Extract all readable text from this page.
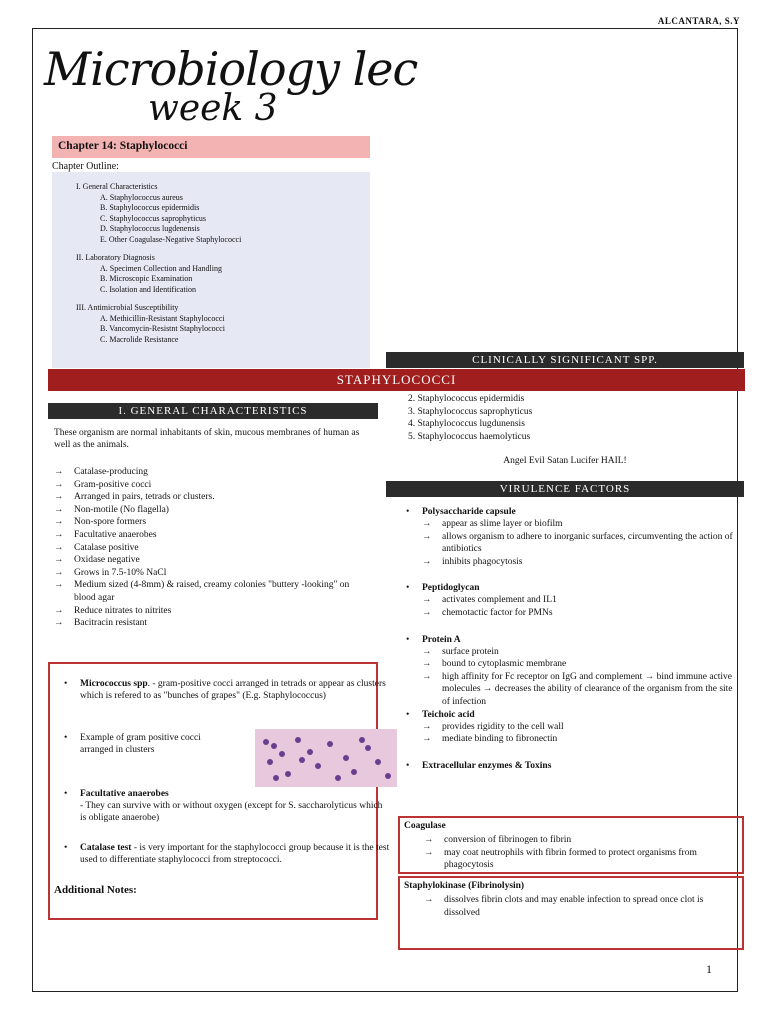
ALCANTARA, S.Y
Microbiology lec
week 3
Chapter 14: Staphylococci
Chapter Outline:
I. General Characteristics
A. Staphylococcus aureus
B. Staphylococcus epidermidis
C. Staphylococcus saprophyticus
D. Staphylococcus lugdenensis
E. Other Coagulase-Negative Staphylococci
II. Laboratory Diagnosis
A. Specimen Collection and Handling
B. Microscopic Examination
C. Isolation and Identification
III. Antimicrobial Susceptibility
A. Methicillin-Resistant Staphylococci
B. Vancomycin-Resistnt Staphylococci
C. Macrolide Resistance
CLINICALLY SIGNIFICANT SPP.
STAPHYLOCOCCI
I. GENERAL CHARACTERISTICS
These organism are normal inhabitants of skin, mucous membranes of human as well as the animals.
→ Catalase-producing
→ Gram-positive cocci
→ Arranged in pairs, tetrads or clusters.
→ Non-motile (No flagella)
→ Non-spore formers
→ Facultative anaerobes
→ Catalase positive
→ Oxidase negative
→ Grows in 7.5-10% NaCl
→ Medium sized (4-8mm) & raised, creamy colonies "buttery -looking" on blood agar
→ Reduce nitrates to nitrites
→ Bacitracin resistant
• Micrococcus spp. - gram-positive cocci arranged in tetrads or appear as clusters which is refered to as "bunches of grapes" (E.g. Staphylococcus)
• Example of gram positive cocci arranged in clusters
• Facultative anaerobes
- They can survive with or without oxygen (except for S. saccharolyticus which is obligate anaerobe)
• Catalase test - is very important for the staphylococci group because it is the test used to differentiate staphylococci from streptococci.
Additional Notes:
2. Staphylococcus epidermidis
3. Staphylococcus saprophyticus
4. Staphylococcus lugdunensis
5. Staphylococcus haemolyticus
Angel Evil Satan Lucifer HAIL!
VIRULENCE FACTORS
• Polysaccharide capsule
→ appear as slime layer or biofilm
→ allows organism to adhere to inorganic surfaces, circumventing the action of antibiotics
→ inhibits phagocytosis
• Peptidoglycan
→ activates complement and IL1
→ chemotactic factor for PMNs
• Protein A
→ surface protein
→ bound to cytoplasmic membrane
→ high affinity for Fc receptor on IgG and complement → bind immune active molecules → decreases the ability of clearance of the organism from the site of infection
• Teichoic acid
→ provides rigidity to the cell wall
→ mediate binding to fibronectin
• Extracellular enzymes & Toxins
Coagulase
→ conversion of fibrinogen to fibrin
→ may coat neutrophils with fibrin formed to protect organisms from phagocytosis
Staphylokinase (Fibrinolysin)
→ dissolves fibrin clots and may enable infection to spread once clot is dissolved
1
